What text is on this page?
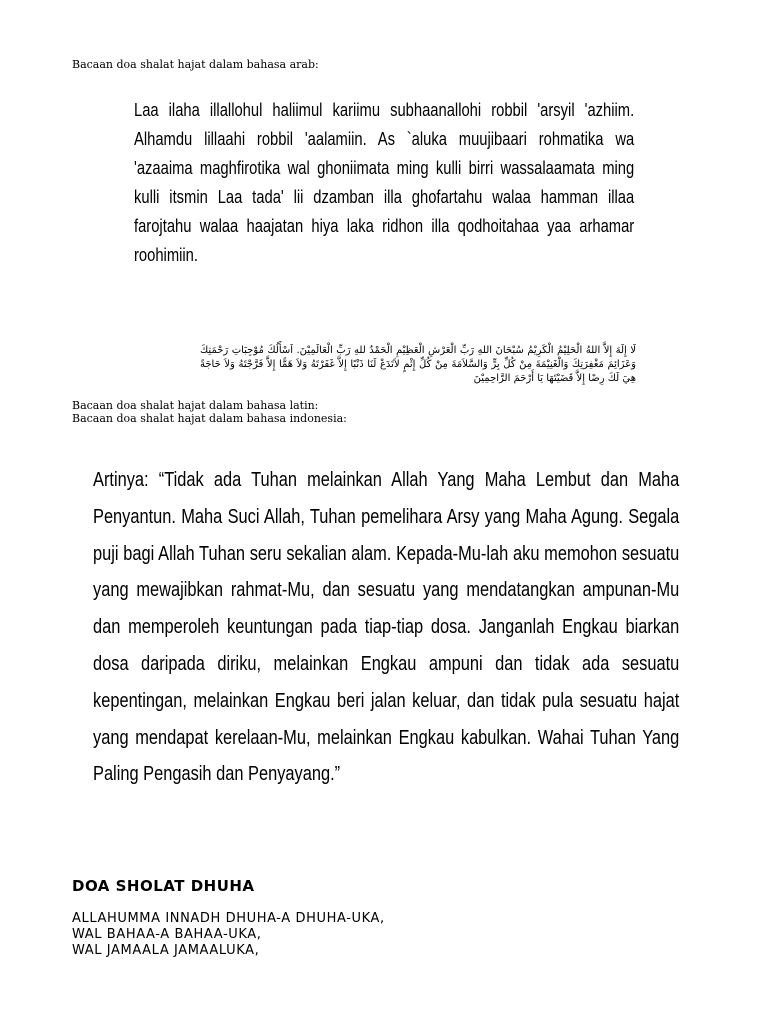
Bacaan doa shalat hajat dalam bahasa arab:
Laa ilaha illallohul haliimul kariimu subhaanallohi robbil 'arsyil 'azhiim. Alhamdu lillaahi robbil 'aalamiin. As `aluka muujibaari rohmatika wa 'azaaima maghfirotika wal ghoniimata ming kulli birri wassalaamata ming kulli itsmin Laa tada' lii dzamban illa ghofartahu walaa hamman illaa farojtahu walaa haajatan hiya laka ridhon illa qodhoitahaa yaa arhamar roohimiin.
لَا إِلَهَ إِلاَّ اللهُ الْحَلِيْمُ الْكَرِيْمُ سُبْحَانَ اللهِ رَبِّ الْعَرْشِ الْعَظِيْمِ الْحَمْدُ للهِ رَبِّ الْعَالَمِيْنَ. اَسْأَلُكَ مُوْجِبَاتِ رَحْمَتِكَ وَعَزَائِمَ مَغْفِرَتِكَ وَالْغَنِيْمَةَ مِنْ كُلِّ بِرٍّ وَالسَّلاَمَةَ مِنْ كُلِّ إِثْمٍ لاَتَدَعْ لَنَا ذَنْبًا إِلاَّ غَفَرْتَهُ وَلاَ هَمًّا إِلاَّ فَرَّجْتَهُ وَلاَ حَاجَةً هِيَ لَكَ رِضًا إِلاَّ قَضَيْتَهَا يَا أَرْحَمَ الرَّاحِمِيْنَ
Bacaan doa shalat hajat dalam bahasa latin:
Bacaan doa shalat hajat dalam bahasa indonesia:
Artinya: “Tidak ada Tuhan melainkan Allah Yang Maha Lembut dan Maha Penyantun. Maha Suci Allah, Tuhan pemelihara Arsy yang Maha Agung. Segala puji bagi Allah Tuhan seru sekalian alam. Kepada-Mu-lah aku memohon sesuatu yang mewajibkan rahmat-Mu, dan sesuatu yang mendatangkan ampunan-Mu dan memperoleh keuntungan pada tiap-tiap dosa. Janganlah Engkau biarkan dosa daripada diriku, melainkan Engkau ampuni dan tidak ada sesuatu kepentingan, melainkan Engkau beri jalan keluar, dan tidak pula sesuatu hajat yang mendapat kerelaan-Mu, melainkan Engkau kabulkan. Wahai Tuhan Yang Paling Pengasih dan Penyayang.”
DOA SHOLAT DHUHA
ALLAHUMMA INNADH DHUHA-A DHUHA-UKA,
WAL BAHAA-A BAHAA-UKA,
WAL JAMAALA JAMAALUKA,
